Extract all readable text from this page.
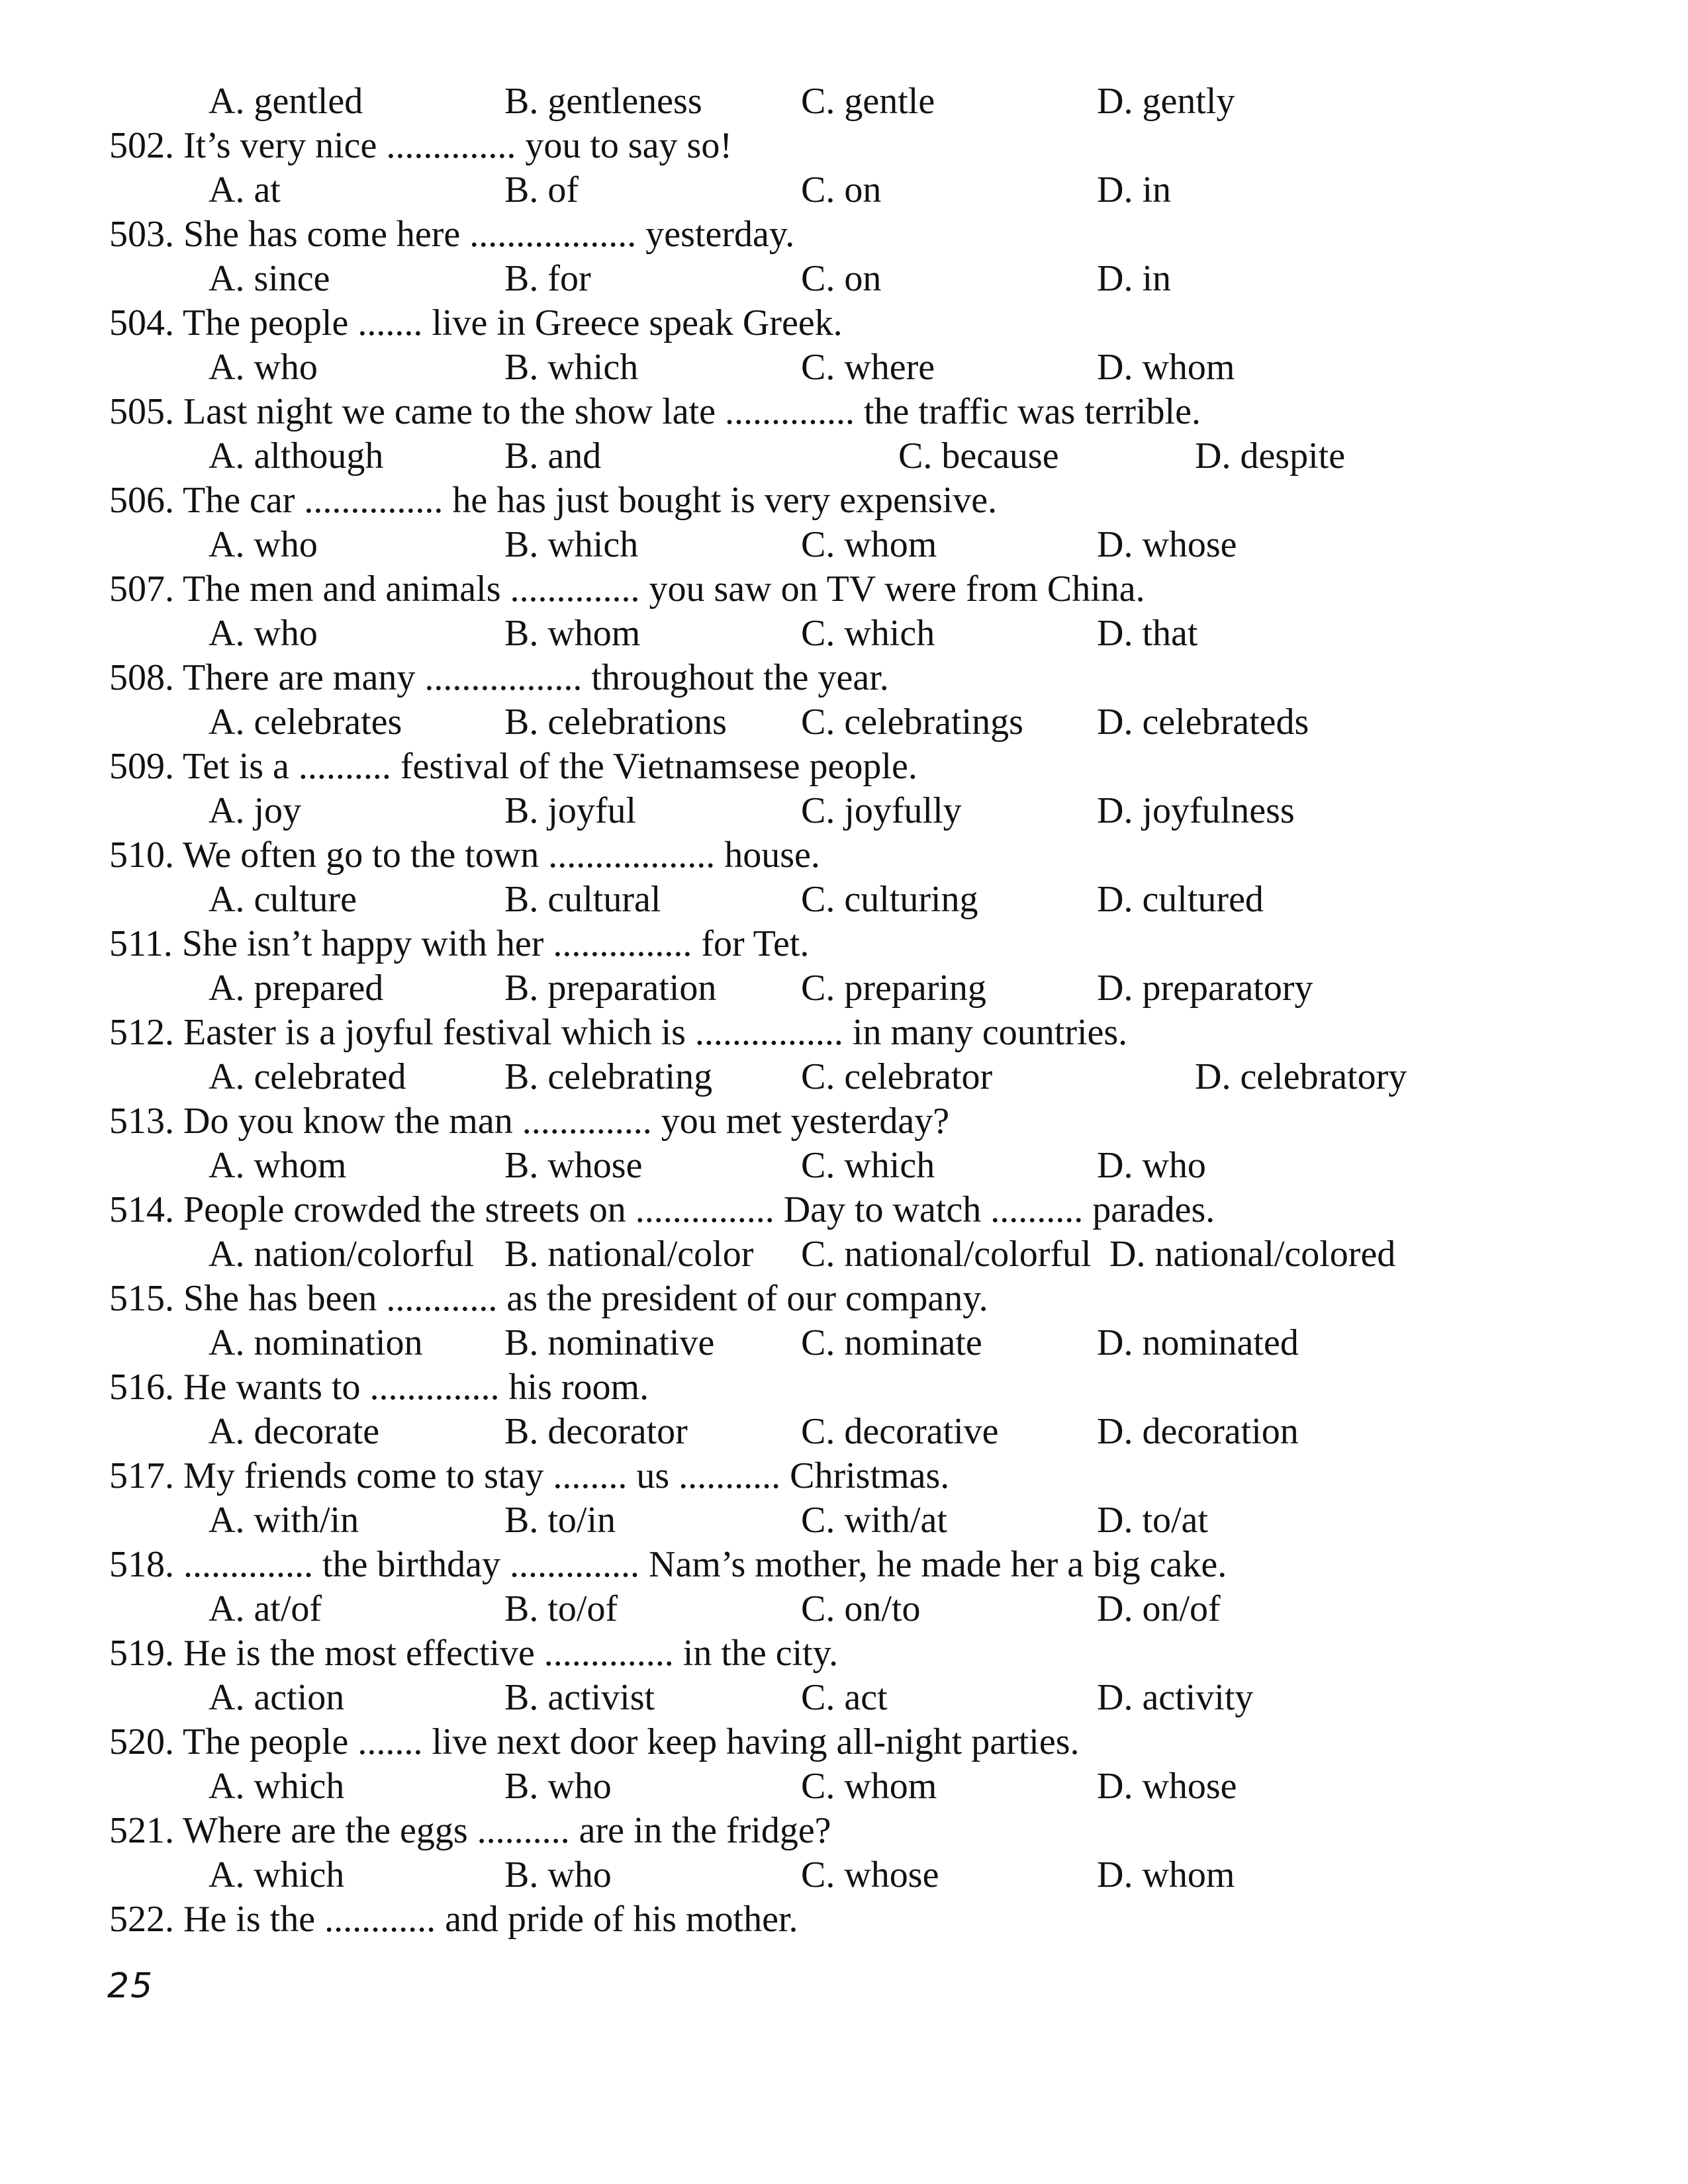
A. gentled	B. gentleness	C. gentle	D. gently
502. It’s very nice .............. you to say so!
A. at	B. of	C. on	D. in
503. She has come here .................. yesterday.
A. since	B. for	C. on	D. in
504. The people ....... live in Greece speak Greek.
A. who	B. which	C. where	D. whom
505. Last night we came to the show late .............. the traffic was terrible.
A. although	B. and	C. because	D. despite
506. The car ............... he has just bought is very expensive.
A. who	B. which	C. whom	D. whose
507. The men and animals .............. you saw on TV were from China.
A. who	B. whom	C. which	D. that
508. There are many ................. throughout the year.
A. celebrates	B. celebrations C. celebratings D. celebrateds
509. Tet is a .......... festival of the Vietnamsese people.
A. joy	B. joyful	C. joyfully	D. joyfulness
510. We often go to the town .................. house.
A. culture	B. cultural	C. culturing	D. cultured
511. She isn’t happy with her ............... for Tet.
A. prepared	B. preparation C. preparing	D. preparatory
512. Easter is a joyful festival which is ................ in many countries.
A. celebrated	B. celebrating C. celebrator	D. celebratory
513. Do you know the man .............. you met yesterday?
A. whom	B. whose	C. which	D. who
514. People crowded the streets on ............... Day to watch .......... parades.
A. nation/colorful B. national/color C. national/colorful D. national/colored
515. She has been ............ as the president of our company.
A. nomination B. nominative C. nominate	D. nominated
516. He wants to .............. his room.
A. decorate	B. decorator	C. decorative	D. decoration
517. My friends come to stay ........ us ........... Christmas.
A. with/in	B. to/in	C. with/at	D. to/at
518. .............. the birthday .............. Nam’s mother, he made her a big cake.
A. at/of	B. to/of	C. on/to	D. on/of
519. He is the most effective .............. in the city.
A. action	B. activist	C. act	D. activity
520. The people ....... live next door keep having all-night parties.
A. which	B. who	C. whom	D. whose
521. Where are the eggs .......... are in the fridge?
A. which	B. who	C. whose	D. whom
522. He is the ............ and pride of his mother.
25
